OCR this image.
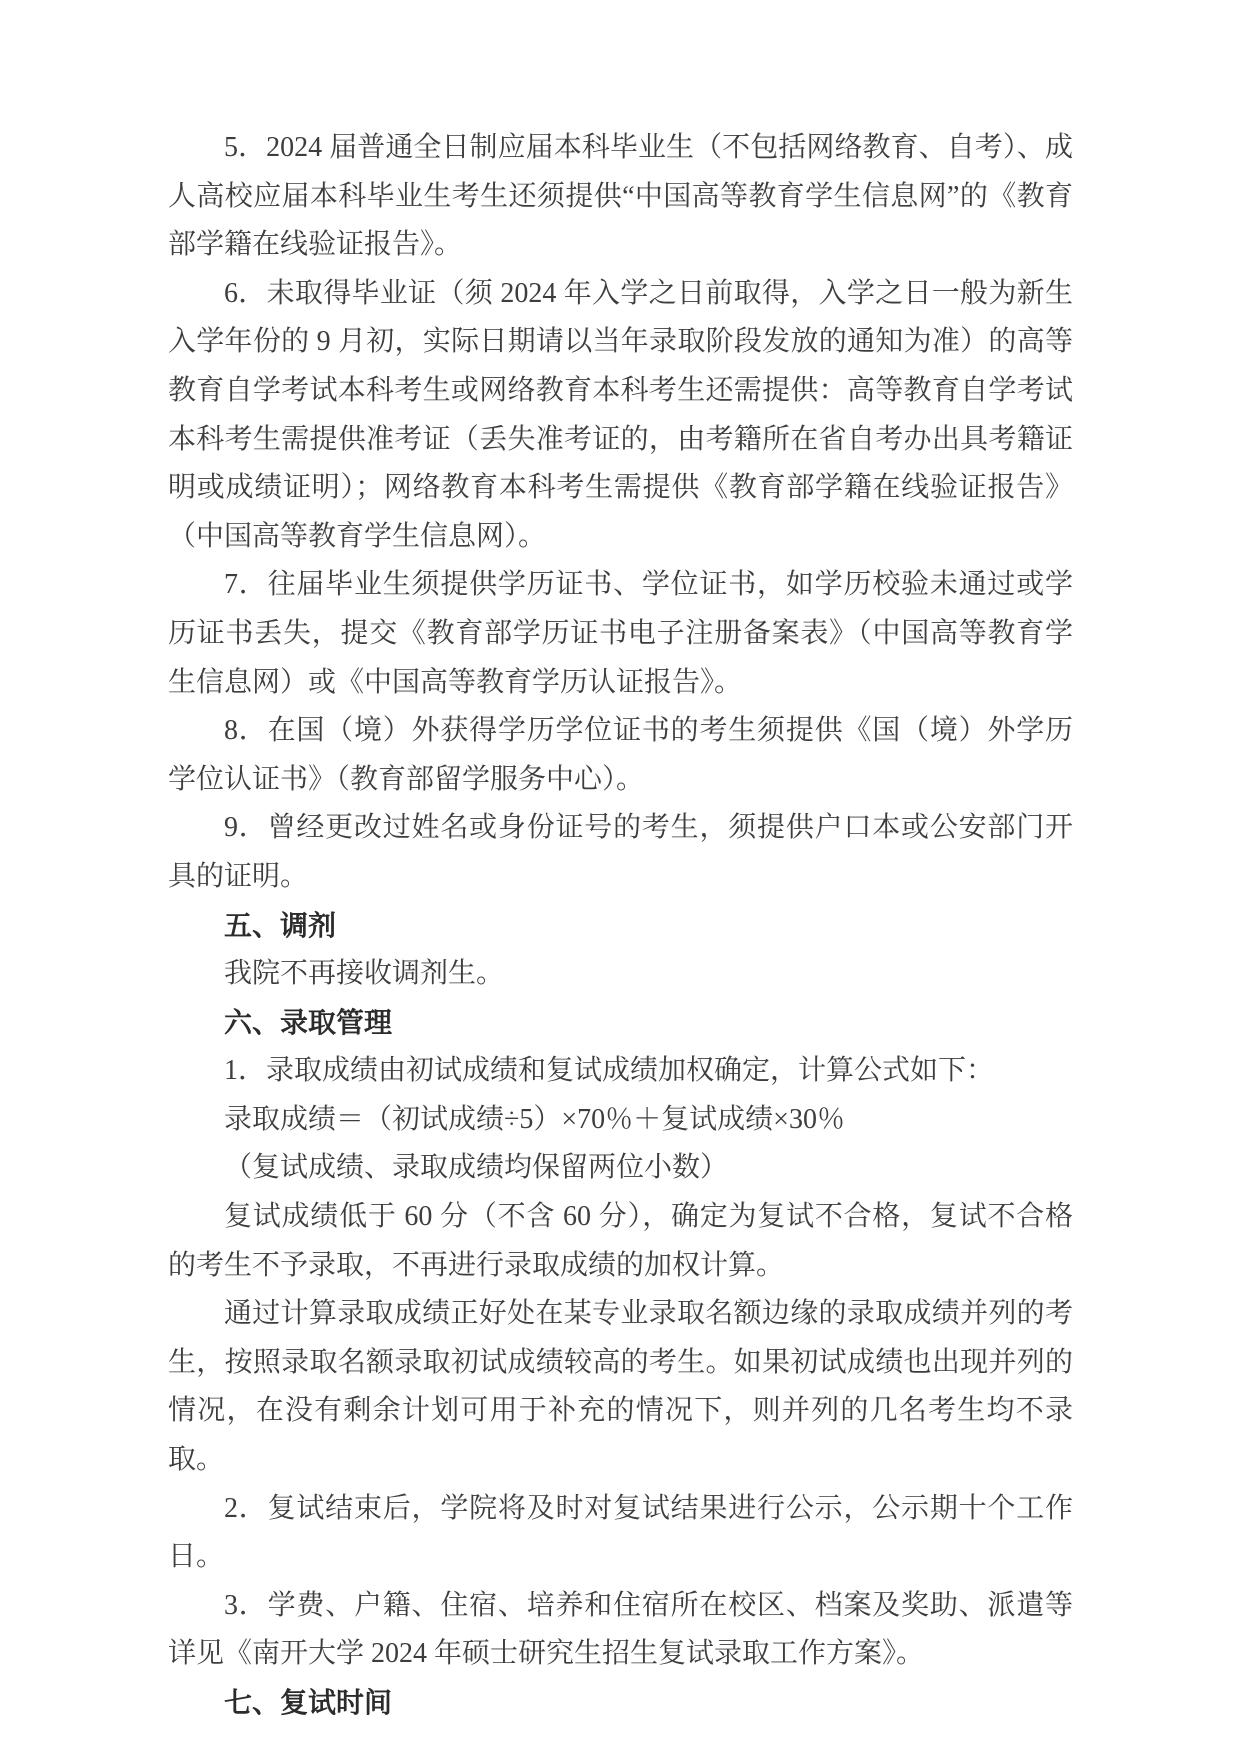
5．2024 届普通全日制应届本科毕业生（不包括网络教育、自考）、成人高校应届本科毕业生考生还须提供“中国高等教育学生信息网”的《教育部学籍在线验证报告》。

6．未取得毕业证（须 2024 年入学之日前取得，入学之日一般为新生入学年份的 9 月初，实际日期请以当年录取阶段发放的通知为准）的高等教育自学考试本科考生或网络教育本科考生还需提供：高等教育自学考试本科考生需提供准考证（丢失准考证的，由考籍所在省自考办出具考籍证明或成绩证明）；网络教育本科考生需提供《教育部学籍在线验证报告》（中国高等教育学生信息网）。

7．往届毕业生须提供学历证书、学位证书，如学历校验未通过或学历证书丢失，提交《教育部学历证书电子注册备案表》（中国高等教育学生信息网）或《中国高等教育学历认证报告》。

8．在国（境）外获得学历学位证书的考生须提供《国（境）外学历学位认证书》（教育部留学服务中心）。

9．曾经更改过姓名或身份证号的考生，须提供户口本或公安部门开具的证明。

五、调剂

我院不再接收调剂生。

六、录取管理

1．录取成绩由初试成绩和复试成绩加权确定，计算公式如下：

录取成绩＝（初试成绩÷5）×70％＋复试成绩×30％

（复试成绩、录取成绩均保留两位小数）

复试成绩低于 60 分（不含 60 分），确定为复试不合格，复试不合格的考生不予录取，不再进行录取成绩的加权计算。

通过计算录取成绩正好处在某专业录取名额边缘的录取成绩并列的考生，按照录取名额录取初试成绩较高的考生。如果初试成绩也出现并列的情况，在没有剩余计划可用于补充的情况下，则并列的几名考生均不录取。

2．复试结束后，学院将及时对复试结果进行公示，公示期十个工作日。

3．学费、户籍、住宿、培养和住宿所在校区、档案及奖助、派遣等详见《南开大学 2024 年硕士研究生招生复试录取工作方案》。

七、复试时间
